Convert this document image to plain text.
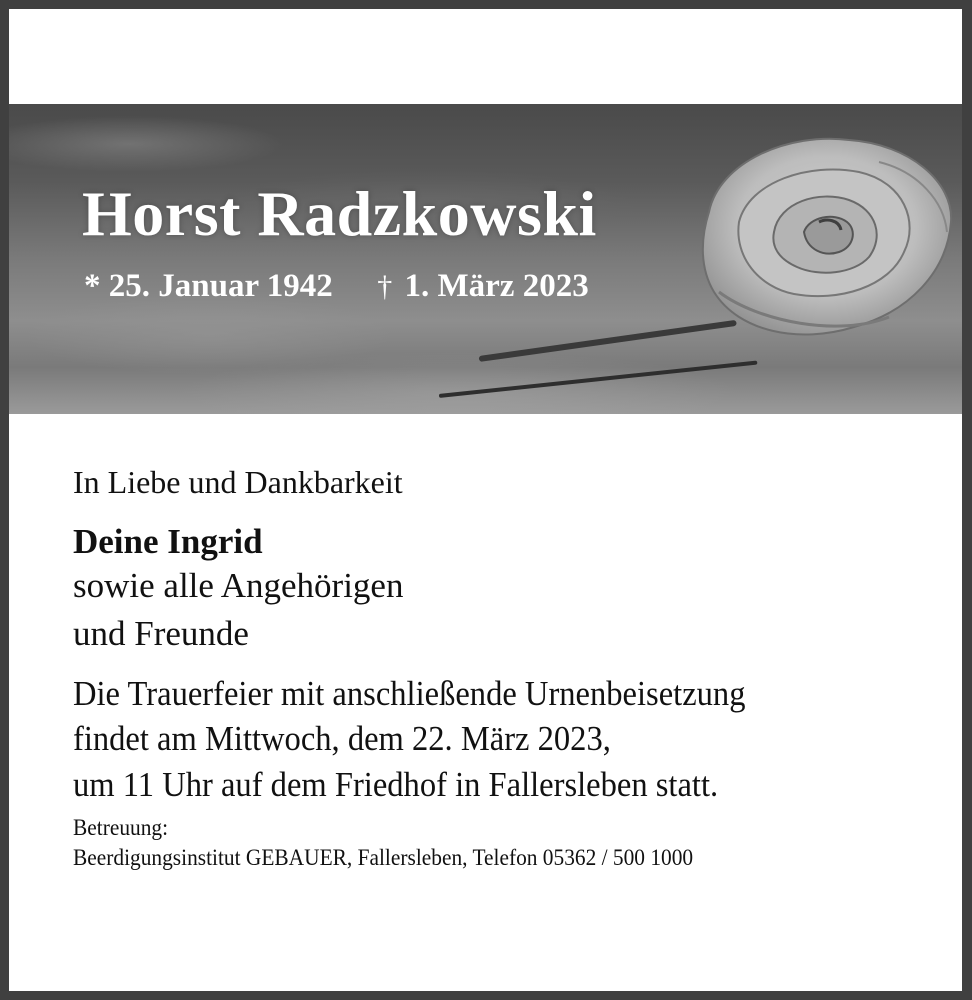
Horst Radzkowski
* 25. Januar 1942 † 1. März 2023
In Liebe und Dankbarkeit
Deine Ingrid
sowie alle Angehörigen
und Freunde
Die Trauerfeier mit anschließende Urnenbeisetzung
findet am Mittwoch, dem 22. März 2023,
um 11 Uhr auf dem Friedhof in Fallersleben statt.
Betreuung:
Beerdigungsinstitut GEBAUER, Fallersleben, Telefon 05362 / 500 1000
